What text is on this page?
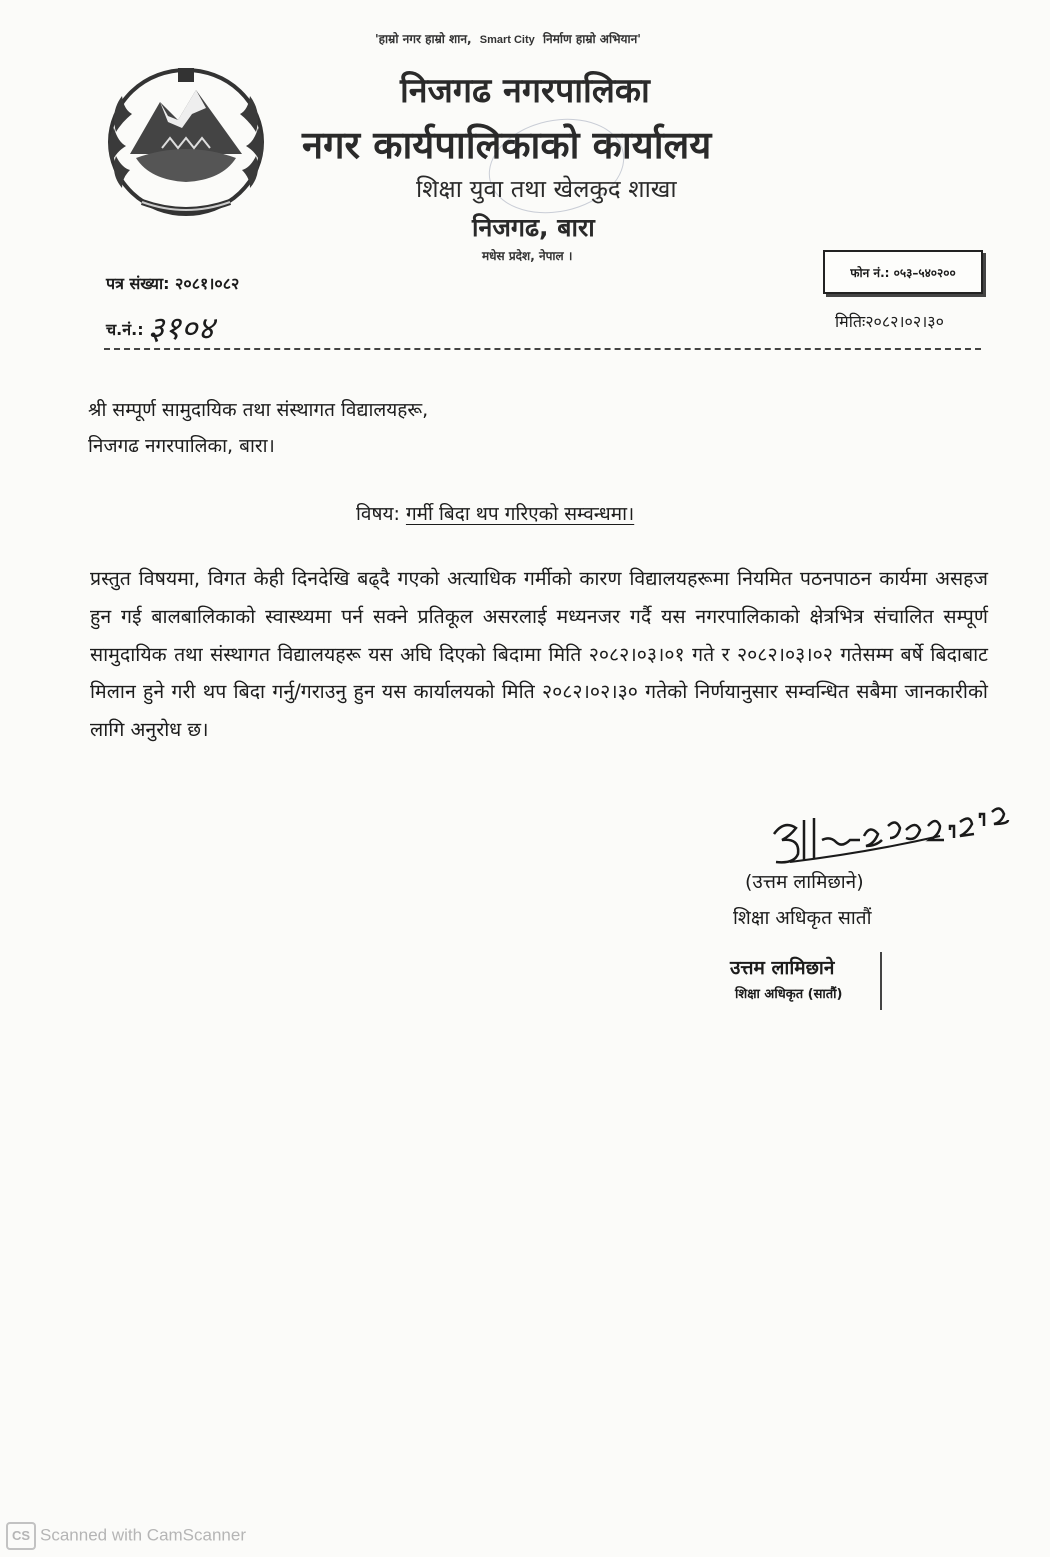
'हाम्रो नगर हाम्रो शान, Smart City निर्माण हाम्रो अभियान'
निजगढ नगरपालिका
नगर कार्यपालिकाको कार्यालय
शिक्षा युवा तथा खेलकुद शाखा
निजगढ, बारा
मधेस प्रदेश, नेपाल ।
फोन नं.: ०५३–५४०२००
पत्र संख्या: २०८१।०८२
च.नं.: ३१०४	मितिः२०८२।०२।३०
श्री सम्पूर्ण सामुदायिक तथा संस्थागत विद्यालयहरू,
निजगढ नगरपालिका, बारा।
विषय: गर्मी बिदा थप गरिएको सम्वन्धमा।
प्रस्तुत विषयमा, विगत केही दिनदेखि बढ्दै गएको अत्याधिक गर्मीको कारण विद्यालयहरूमा नियमित पठनपाठन कार्यमा असहज हुन गई बालबालिकाको स्वास्थ्यमा पर्न सक्ने प्रतिकूल असरलाई मध्यनजर गर्दै यस नगरपालिकाको क्षेत्रभित्र संचालित सम्पूर्ण सामुदायिक तथा संस्थागत विद्यालयहरू यस अघि दिएको बिदामा मिति २०८२।०३।०१ गते र २०८२।०३।०२ गतेसम्म बर्षे बिदाबाट मिलान हुने गरी थप बिदा गर्नु/गराउनु हुन यस कार्यालयको मिति २०८२।०२।३० गतेको निर्णयानुसार सम्वन्धित सबैमा जानकारीको लागि अनुरोध छ।
(उत्तम लामिछाने)
शिक्षा अधिकृत सातौं
उत्तम लामिछाने
शिक्षा अधिकृत (सातौं)
CS Scanned with CamScanner
